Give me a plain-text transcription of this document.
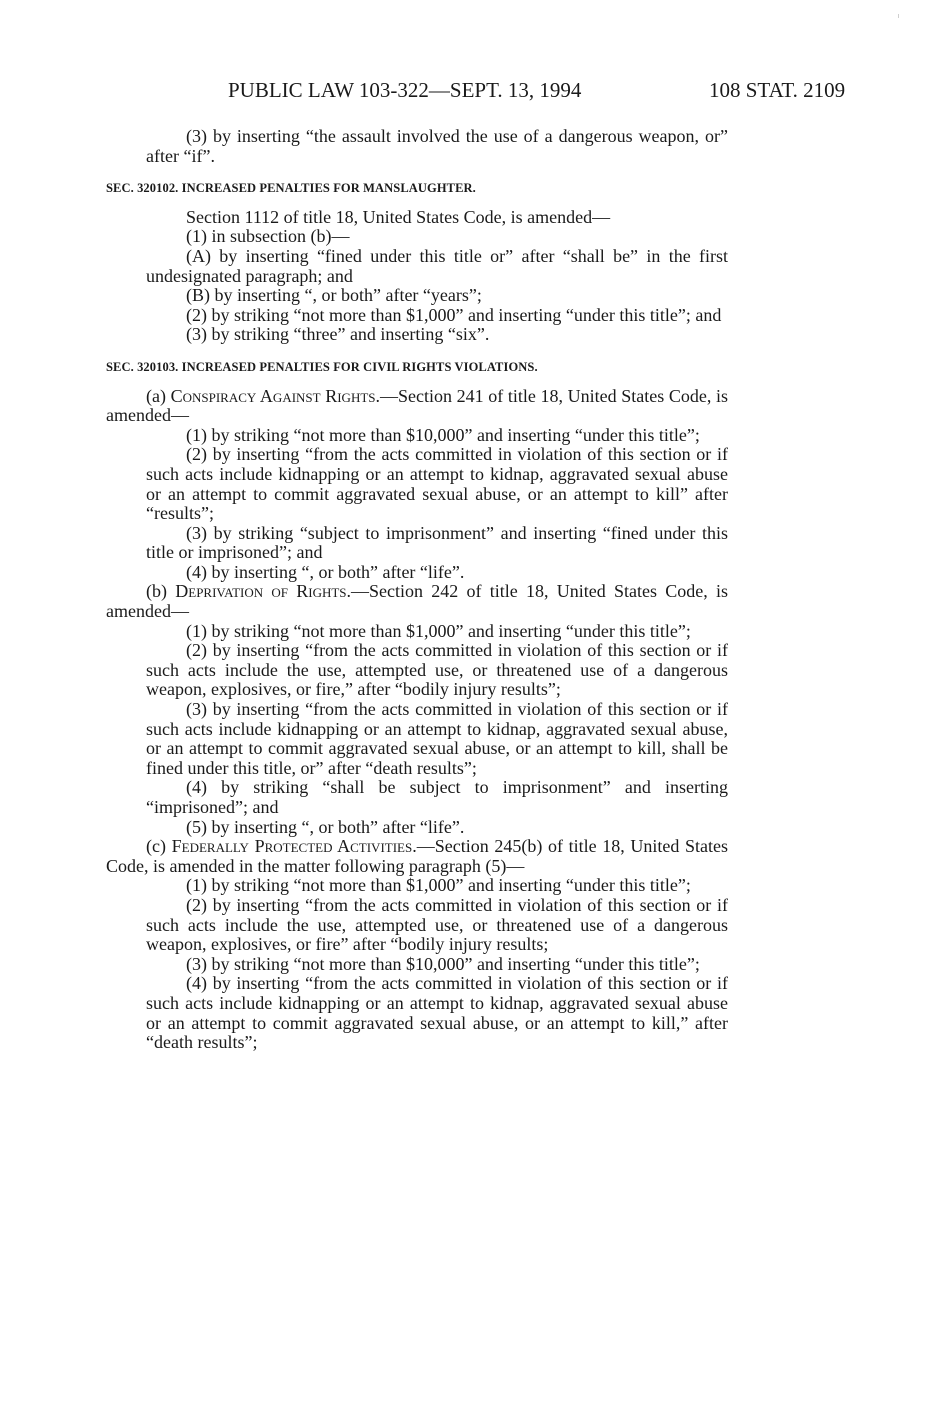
PUBLIC LAW 103-322—SEPT. 13, 1994	108 STAT. 2109

(3) by inserting “the assault involved the use of a dangerous weapon, or” after “if”.

SEC. 320102. INCREASED PENALTIES FOR MANSLAUGHTER.

Section 1112 of title 18, United States Code, is amended—

(1) in subsection (b)—

(A) by inserting “fined under this title or” after “shall be” in the first undesignated paragraph; and

(B) by inserting “, or both” after “years”;

(2) by striking “not more than $1,000” and inserting “under this title”; and

(3) by striking “three” and inserting “six”.

SEC. 320103. INCREASED PENALTIES FOR CIVIL RIGHTS VIOLATIONS.

(a) Conspiracy Against Rights.—Section 241 of title 18, United States Code, is amended—

(1) by striking “not more than $10,000” and inserting “under this title”;

(2) by inserting “from the acts committed in violation of this section or if such acts include kidnapping or an attempt to kidnap, aggravated sexual abuse or an attempt to commit aggravated sexual abuse, or an attempt to kill” after “results”;

(3) by striking “subject to imprisonment” and inserting “fined under this title or imprisoned”; and

(4) by inserting “, or both” after “life”.

(b) Deprivation of Rights.—Section 242 of title 18, United States Code, is amended—

(1) by striking “not more than $1,000” and inserting “under this title”;

(2) by inserting “from the acts committed in violation of this section or if such acts include the use, attempted use, or threatened use of a dangerous weapon, explosives, or fire,” after “bodily injury results”;

(3) by inserting “from the acts committed in violation of this section or if such acts include kidnapping or an attempt to kidnap, aggravated sexual abuse, or an attempt to commit aggravated sexual abuse, or an attempt to kill, shall be fined under this title, or” after “death results”;

(4) by striking “shall be subject to imprisonment” and inserting “imprisoned”; and

(5) by inserting “, or both” after “life”.

(c) Federally Protected Activities.—Section 245(b) of title 18, United States Code, is amended in the matter following paragraph (5)—

(1) by striking “not more than $1,000” and inserting “under this title”;

(2) by inserting “from the acts committed in violation of this section or if such acts include the use, attempted use, or threatened use of a dangerous weapon, explosives, or fire” after “bodily injury results;

(3) by striking “not more than $10,000” and inserting “under this title”;

(4) by inserting “from the acts committed in violation of this section or if such acts include kidnapping or an attempt to kidnap, aggravated sexual abuse or an attempt to commit aggravated sexual abuse, or an attempt to kill,” after “death results”;
